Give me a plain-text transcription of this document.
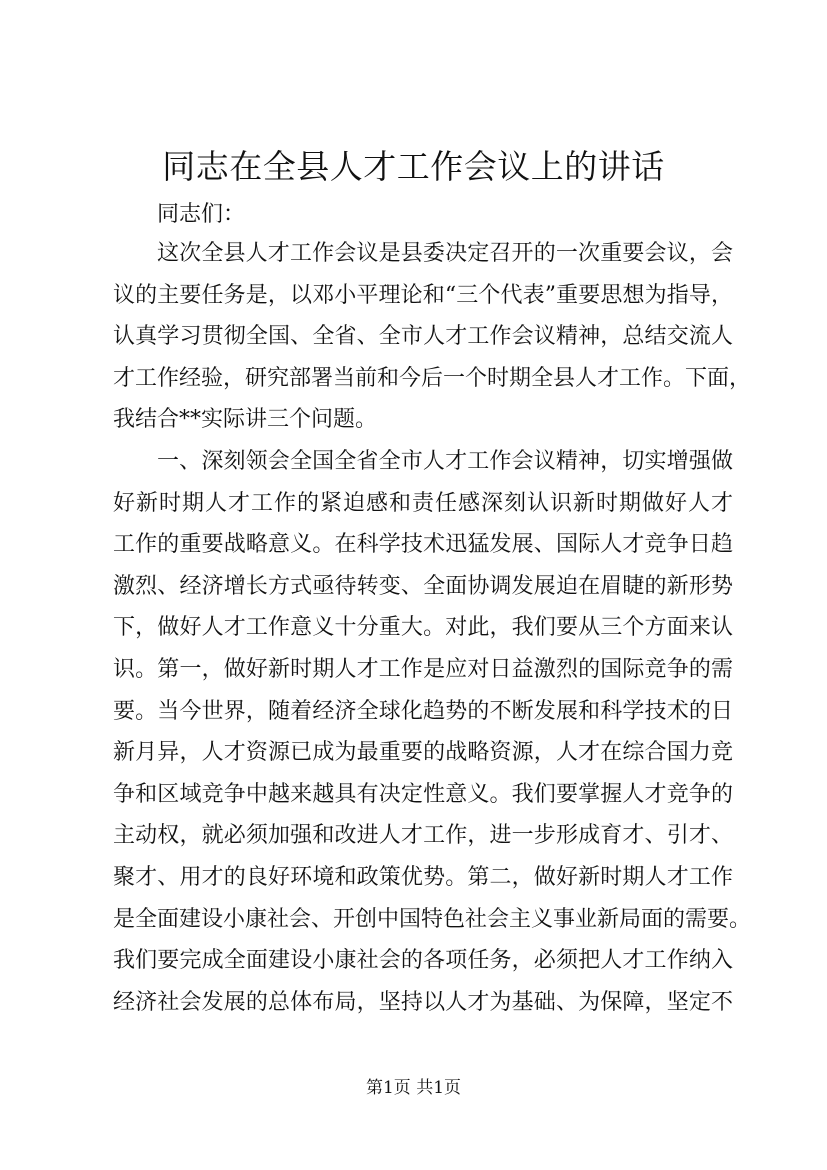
同志在全县人才工作会议上的讲话
同志们：
这次全县人才工作会议是县委决定召开的一次重要会议，会
议的主要任务是，以邓小平理论和“三个代表”重要思想为指导，
认真学习贯彻全国、全省、全市人才工作会议精神，总结交流人
才工作经验，研究部署当前和今后一个时期全县人才工作。下面，
我结合**实际讲三个问题。
一、深刻领会全国全省全市人才工作会议精神，切实增强做
好新时期人才工作的紧迫感和责任感深刻认识新时期做好人才
工作的重要战略意义。在科学技术迅猛发展、国际人才竞争日趋
激烈、经济增长方式亟待转变、全面协调发展迫在眉睫的新形势
下，做好人才工作意义十分重大。对此，我们要从三个方面来认
识。第一，做好新时期人才工作是应对日益激烈的国际竞争的需
要。当今世界，随着经济全球化趋势的不断发展和科学技术的日
新月异，人才资源已成为最重要的战略资源，人才在综合国力竞
争和区域竞争中越来越具有决定性意义。我们要掌握人才竞争的
主动权，就必须加强和改进人才工作，进一步形成育才、引才、
聚才、用才的良好环境和政策优势。第二，做好新时期人才工作
是全面建设小康社会、开创中国特色社会主义事业新局面的需要。
我们要完成全面建设小康社会的各项任务，必须把人才工作纳入
经济社会发展的总体布局，坚持以人才为基础、为保障，坚定不
第1页 共1页
